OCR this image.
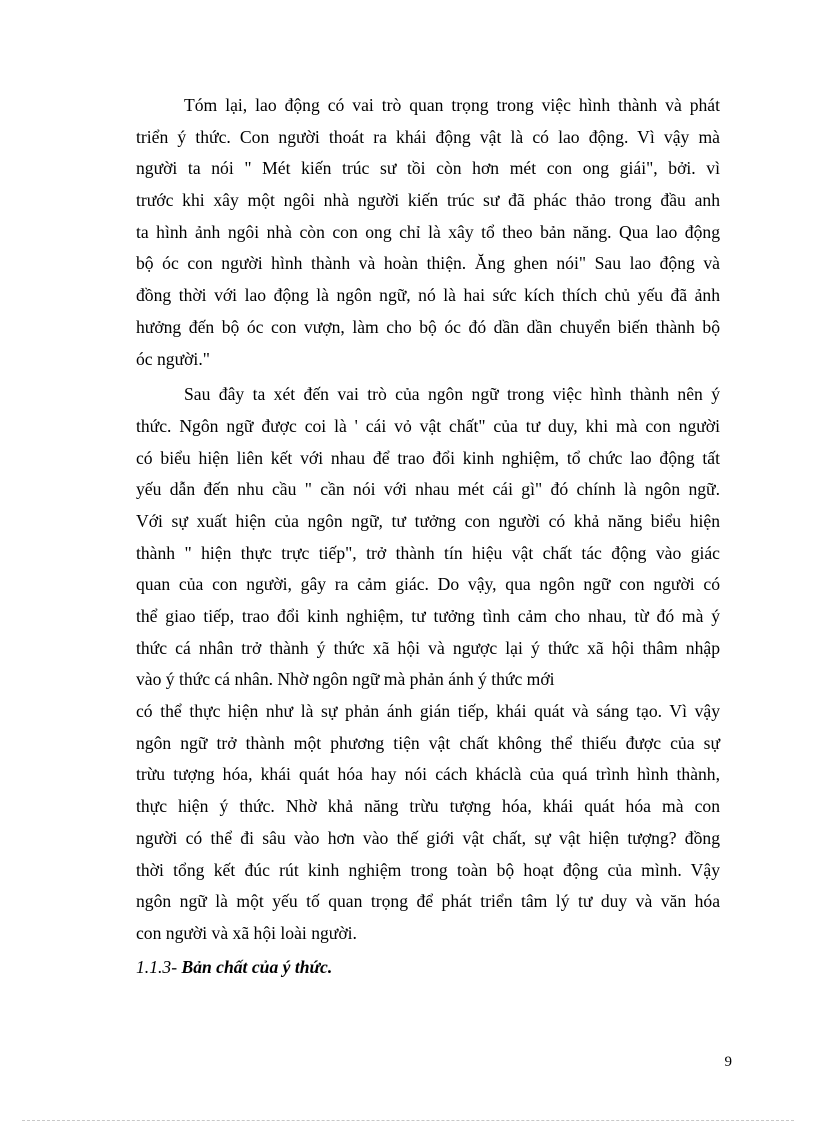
Tóm lại, lao động có vai trò quan trọng trong việc hình thành và phát
triển ý thức. Con người thoát ra khái động vật là có lao động. Vì vậy mà
người ta nói " Mét kiến trúc sư tồi còn hơn mét con ong giái", bởi. vì
trước khi xây một ngôi nhà người kiến trúc sư đã phác thảo trong đầu anh
ta hình ảnh ngôi nhà còn con ong chỉ là xây tổ theo bản năng. Qua lao động
bộ óc con người hình thành và hoàn thiện. Ăng ghen nói" Sau lao động và
đồng thời với lao động là ngôn ngữ, nó là hai sức kích thích chủ yếu đã ảnh
hưởng đến bộ óc con vượn, làm cho bộ óc đó dần dần chuyển biến thành bộ
óc người."
Sau đây ta xét đến vai trò của ngôn ngữ trong việc hình thành nên ý
thức. Ngôn ngữ được coi là ' cái vỏ vật chất" của tư duy, khi mà con người
có biểu hiện liên kết với nhau để trao đổi kinh nghiệm, tổ chức lao động tất
yếu dẫn đến nhu cầu " cần nói với nhau mét cái gì" đó chính là ngôn ngữ.
Với sự xuất hiện của ngôn ngữ, tư tưởng con người có khả năng biểu hiện
thành " hiện thực trực tiếp", trở thành tín hiệu vật chất tác động vào giác
quan của con người, gây ra cảm giác. Do vậy, qua ngôn ngữ con người có
thể giao tiếp, trao đổi kinh nghiệm, tư tưởng tình cảm cho nhau, từ đó mà ý
thức cá nhân trở thành ý thức xã hội và ngược lại ý thức xã hội thâm nhập
vào ý thức cá nhân. Nhờ ngôn ngữ mà phản ánh ý thức mới
có thể thực hiện như là sự phản ánh gián tiếp, khái quát và sáng tạo. Vì vậy
ngôn ngữ trở thành một phương tiện vật chất không thể thiếu được của sự
trừu tượng hóa, khái quát hóa hay nói cách kháclà của quá trình hình thành,
thực hiện ý thức. Nhờ khả năng trừu tượng hóa, khái quát hóa mà con
người có thể đi sâu vào hơn vào thế giới vật chất, sự vật hiện tượng? đồng
thời tổng kết đúc rút kinh nghiệm trong toàn bộ hoạt động của mình. Vậy
ngôn ngữ là một yếu tố quan trọng để phát triển tâm lý tư duy và văn hóa
con người và xã hội loài người.
1.1.3- Bản chất của ý thức.
9
